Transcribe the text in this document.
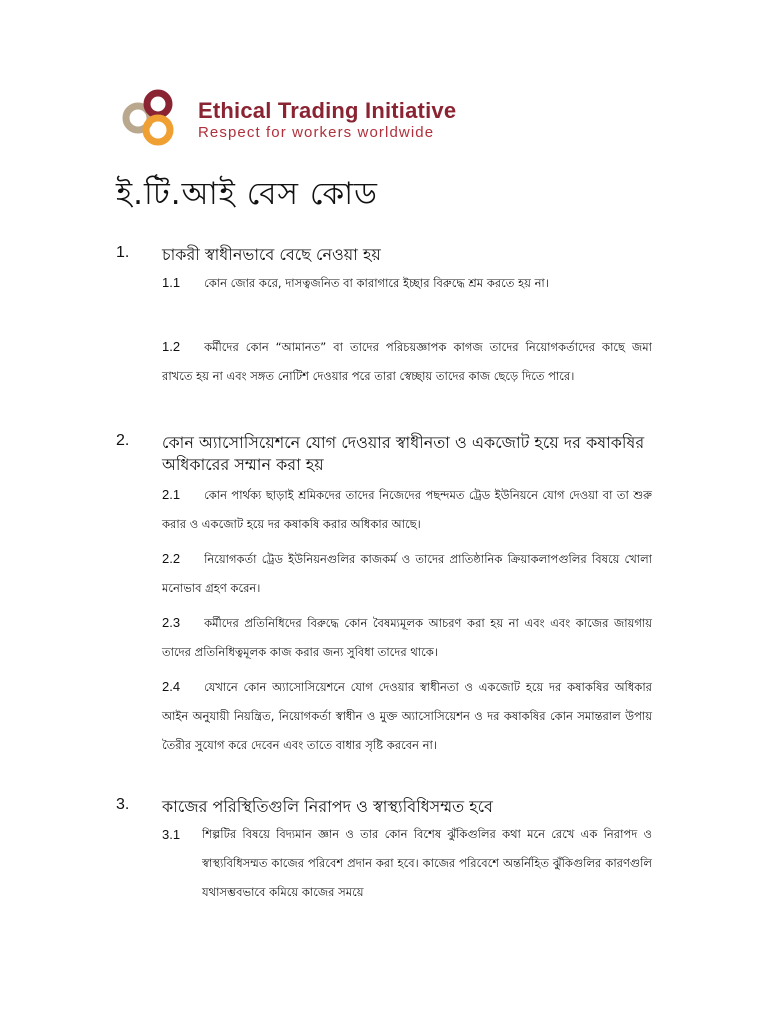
Ethical Trading Initiative
Respect for workers worldwide
ই.টি.আই বেস কোড
1. চাকরী স্বাধীনভাবে বেছে নেওয়া হয়
1.1 কোন জোর করে, দাসত্বজনিত বা কারাগারে ইচ্ছার বিরুদ্ধে শ্রম করতে হয় না।
1.2 কর্মীদের কোন “আমানত” বা তাদের পরিচয়জ্ঞাপক কাগজ তাদের নিয়োগকর্তাদের কাছে জমা রাখতে হয় না এবং সঙ্গত নোটিশ দেওয়ার পরে তারা স্বেচ্ছায় তাদের কাজ ছেড়ে দিতে পারে।
2. কোন অ্যাসোসিয়েশনে যোগ দেওয়ার স্বাধীনতা ও একজোট হয়ে দর কষাকষির অধিকারের সম্মান করা হয়
2.1 কোন পার্থক্য ছাড়াই শ্রমিকদের তাদের নিজেদের পছন্দমত ট্রেড ইউনিয়নে যোগ দেওয়া বা তা শুরু করার ও একজোট হয়ে দর কষাকষি করার অধিকার আছে।
2.2 নিয়োগকর্তা ট্রেড ইউনিয়নগুলির কাজকর্ম ও তাদের প্রাতিষ্ঠানিক ক্রিয়াকলাপগুলির বিষয়ে খোলা মনোভাব গ্রহণ করেন।
2.3 কর্মীদের প্রতিনিধিদের বিরুদ্ধে কোন বৈষম্যমূলক আচরণ করা হয় না এবং এবং কাজের জায়গায় তাদের প্রতিনিধিত্বমূলক কাজ করার জন্য সুবিধা তাদের থাকে।
2.4 যেখানে কোন অ্যাসোসিয়েশনে যোগ দেওয়ার স্বাধীনতা ও একজোট হয়ে দর কষাকষির অধিকার আইন অনুযায়ী নিয়ন্ত্রিত, নিয়োগকর্তা স্বাধীন ও মুক্ত অ্যাসোসিয়েশন ও দর কষাকষির কোন সমান্তরাল উপায় তৈরীর সুযোগ করে দেবেন এবং তাতে বাধার সৃষ্টি করবেন না।
3. কাজের পরিস্থিতিগুলি নিরাপদ ও স্বাস্থ্যবিধিসম্মত হবে
3.1 শিল্পটির বিষয়ে বিদ্যমান জ্ঞান ও তার কোন বিশেষ ঝুঁকিগুলির কথা মনে রেখে এক নিরাপদ ও স্বাস্থ্যবিধিসম্মত কাজের পরিবেশ প্রদান করা হবে। কাজের পরিবেশে অন্তর্নিহিত ঝুঁকিগুলির কারণগুলি যথাসম্ভবভাবে কমিয়ে কাজের সময়ে
